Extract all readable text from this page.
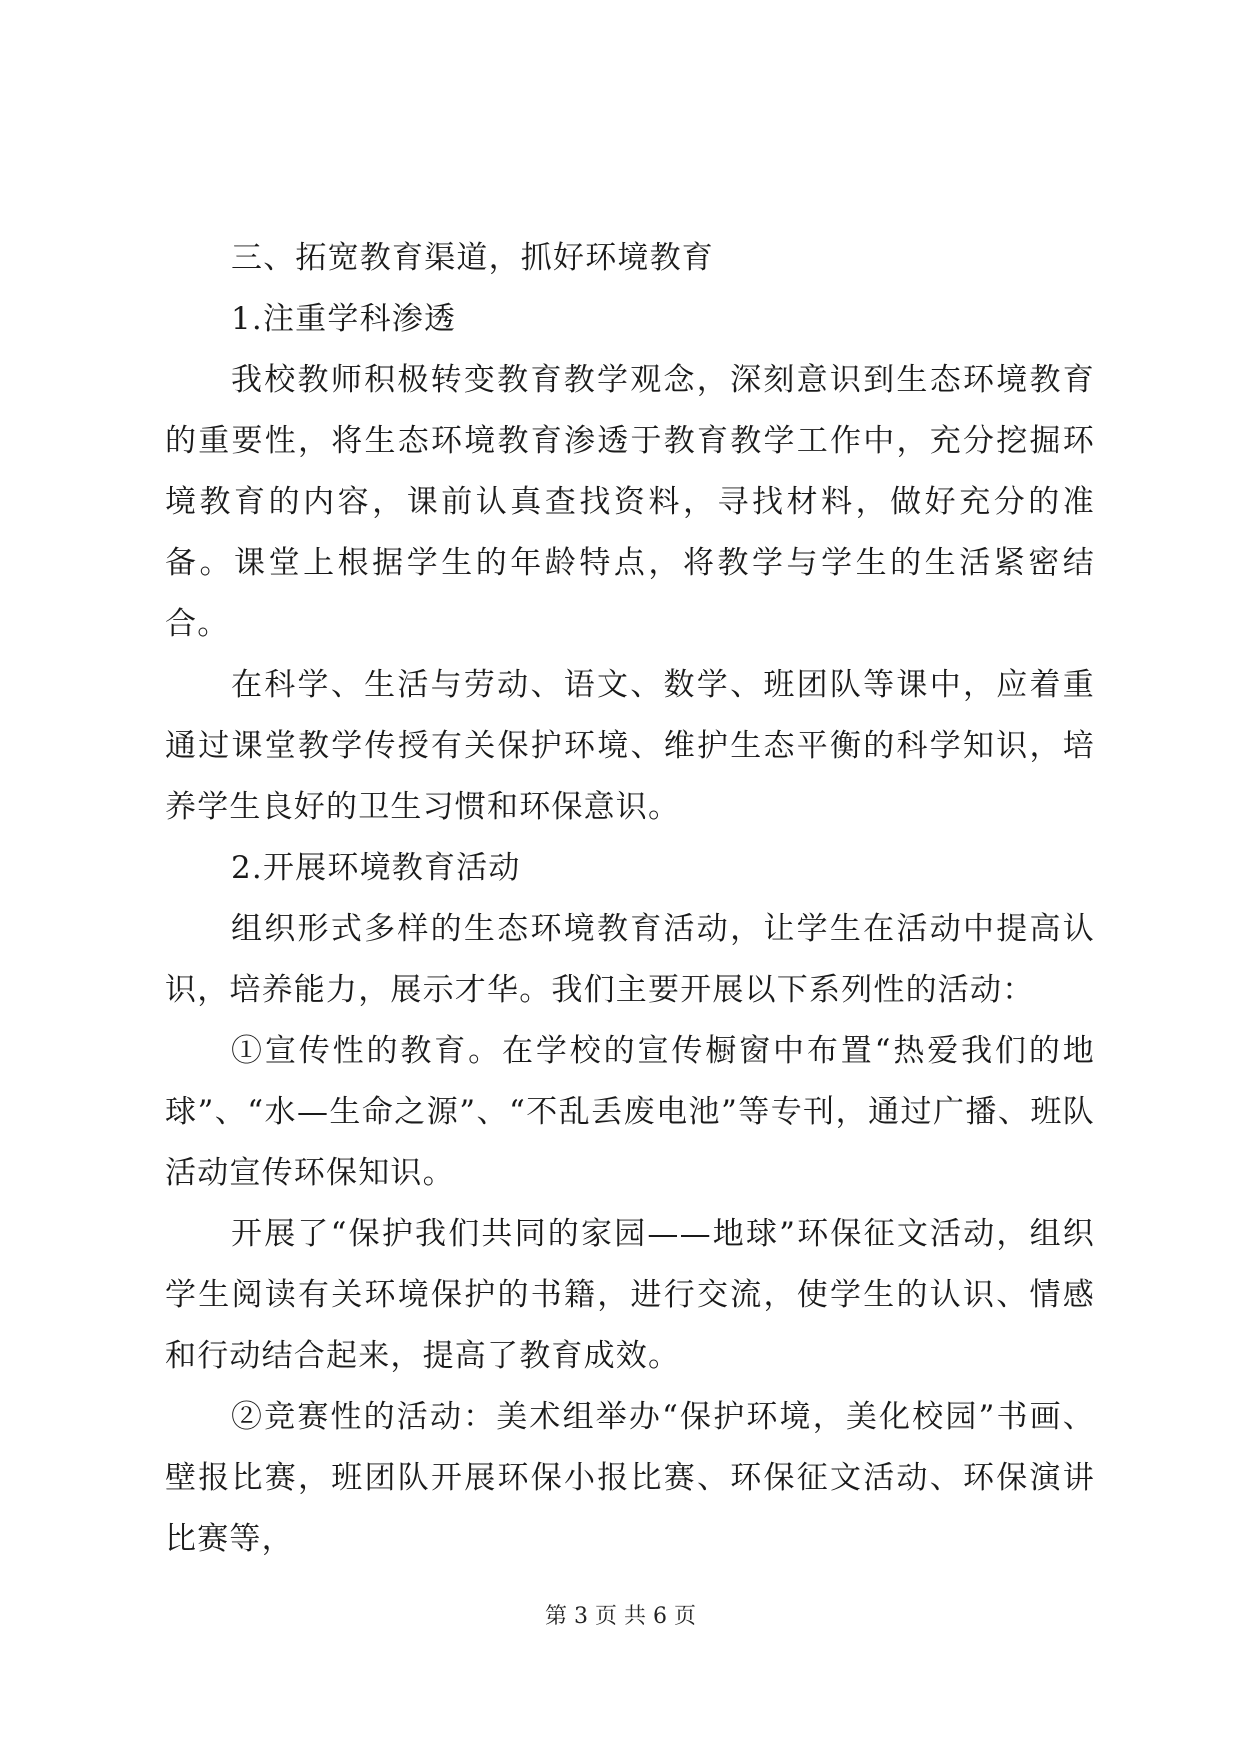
三、拓宽教育渠道，抓好环境教育

1.注重学科渗透

我校教师积极转变教育教学观念，深刻意识到生态环境教育的重要性，将生态环境教育渗透于教育教学工作中，充分挖掘环境教育的内容，课前认真查找资料，寻找材料，做好充分的准备。课堂上根据学生的年龄特点，将教学与学生的生活紧密结合。

在科学、生活与劳动、语文、数学、班团队等课中，应着重通过课堂教学传授有关保护环境、维护生态平衡的科学知识，培养学生良好的卫生习惯和环保意识。

2.开展环境教育活动

组织形式多样的生态环境教育活动，让学生在活动中提高认识，培养能力，展示才华。我们主要开展以下系列性的活动：

①宣传性的教育。在学校的宣传橱窗中布置“热爱我们的地球”、“水—生命之源”、“不乱丢废电池”等专刊，通过广播、班队活动宣传环保知识。

开展了“保护我们共同的家园——地球”环保征文活动，组织学生阅读有关环境保护的书籍，进行交流，使学生的认识、情感和行动结合起来，提高了教育成效。

②竞赛性的活动：美术组举办“保护环境，美化校园”书画、壁报比赛，班团队开展环保小报比赛、环保征文活动、环保演讲比赛等，

第 3 页 共 6 页
